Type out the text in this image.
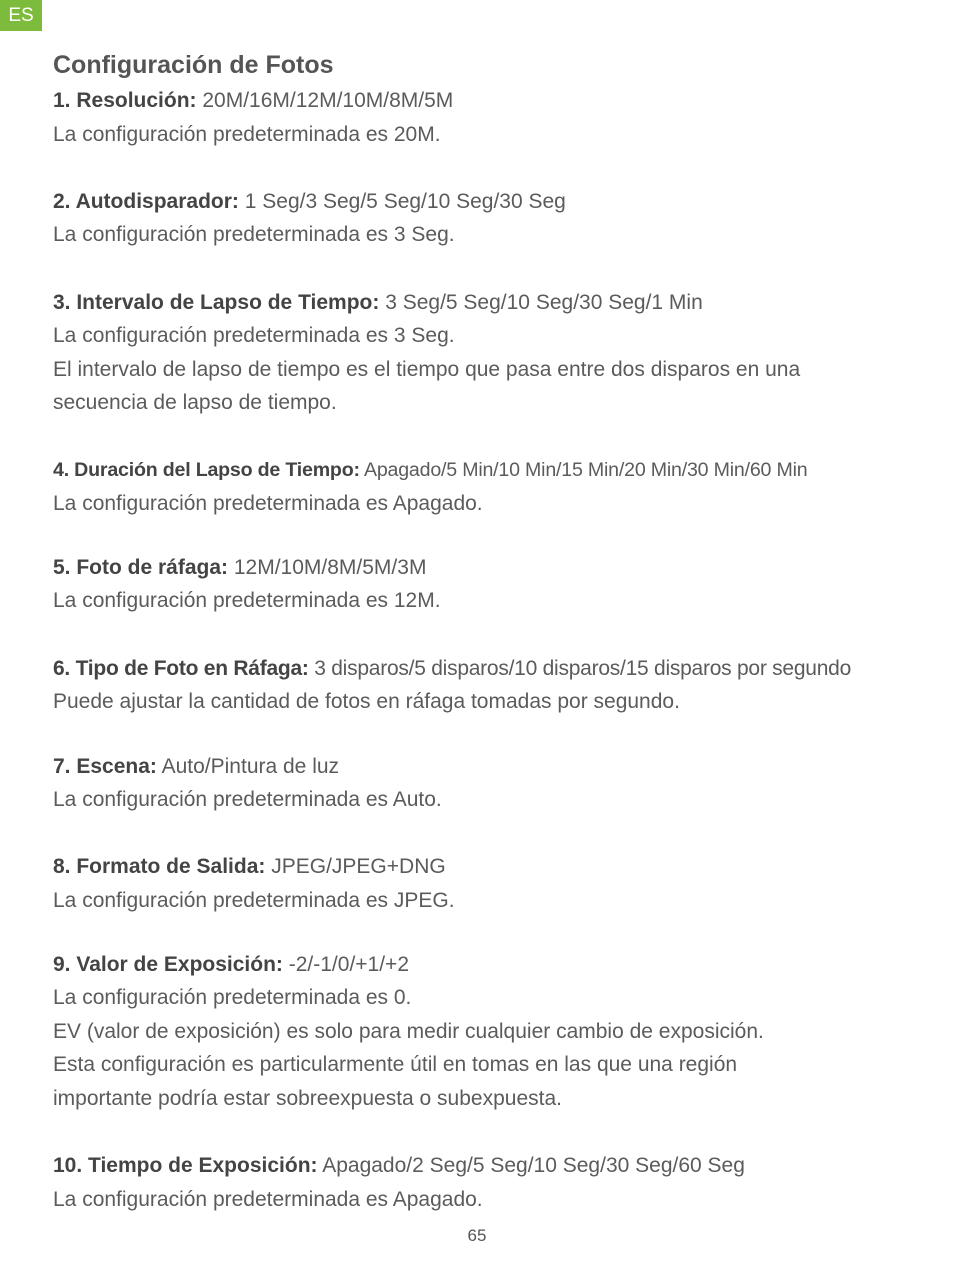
ES
Configuración de Fotos
1. Resolución: 20M/16M/12M/10M/8M/5M
La configuración predeterminada es 20M.
2. Autodisparador: 1 Seg/3 Seg/5 Seg/10 Seg/30 Seg
La configuración predeterminada es 3 Seg.
3. Intervalo de Lapso de Tiempo: 3 Seg/5 Seg/10 Seg/30 Seg/1 Min
La configuración predeterminada es 3 Seg.
El intervalo de lapso de tiempo es el tiempo que pasa entre dos disparos en una
secuencia de lapso de tiempo.
4. Duración del Lapso de Tiempo: Apagado/5 Min/10 Min/15 Min/20 Min/30 Min/60 Min
La configuración predeterminada es Apagado.
5. Foto de ráfaga: 12M/10M/8M/5M/3M
La configuración predeterminada es 12M.
6. Tipo de Foto en Ráfaga: 3 disparos/5 disparos/10 disparos/15 disparos por segundo
Puede ajustar la cantidad de fotos en ráfaga tomadas por segundo.
7. Escena: Auto/Pintura de luz
La configuración predeterminada es Auto.
8. Formato de Salida: JPEG/JPEG+DNG
La configuración predeterminada es JPEG.
9. Valor de Exposición: -2/-1/0/+1/+2
La configuración predeterminada es 0.
EV (valor de exposición) es solo para medir cualquier cambio de exposición.
Esta configuración es particularmente útil en tomas en las que una región
importante podría estar sobreexpuesta o subexpuesta.
10. Tiempo de Exposición: Apagado/2 Seg/5 Seg/10 Seg/30 Seg/60 Seg
La configuración predeterminada es Apagado.
65
